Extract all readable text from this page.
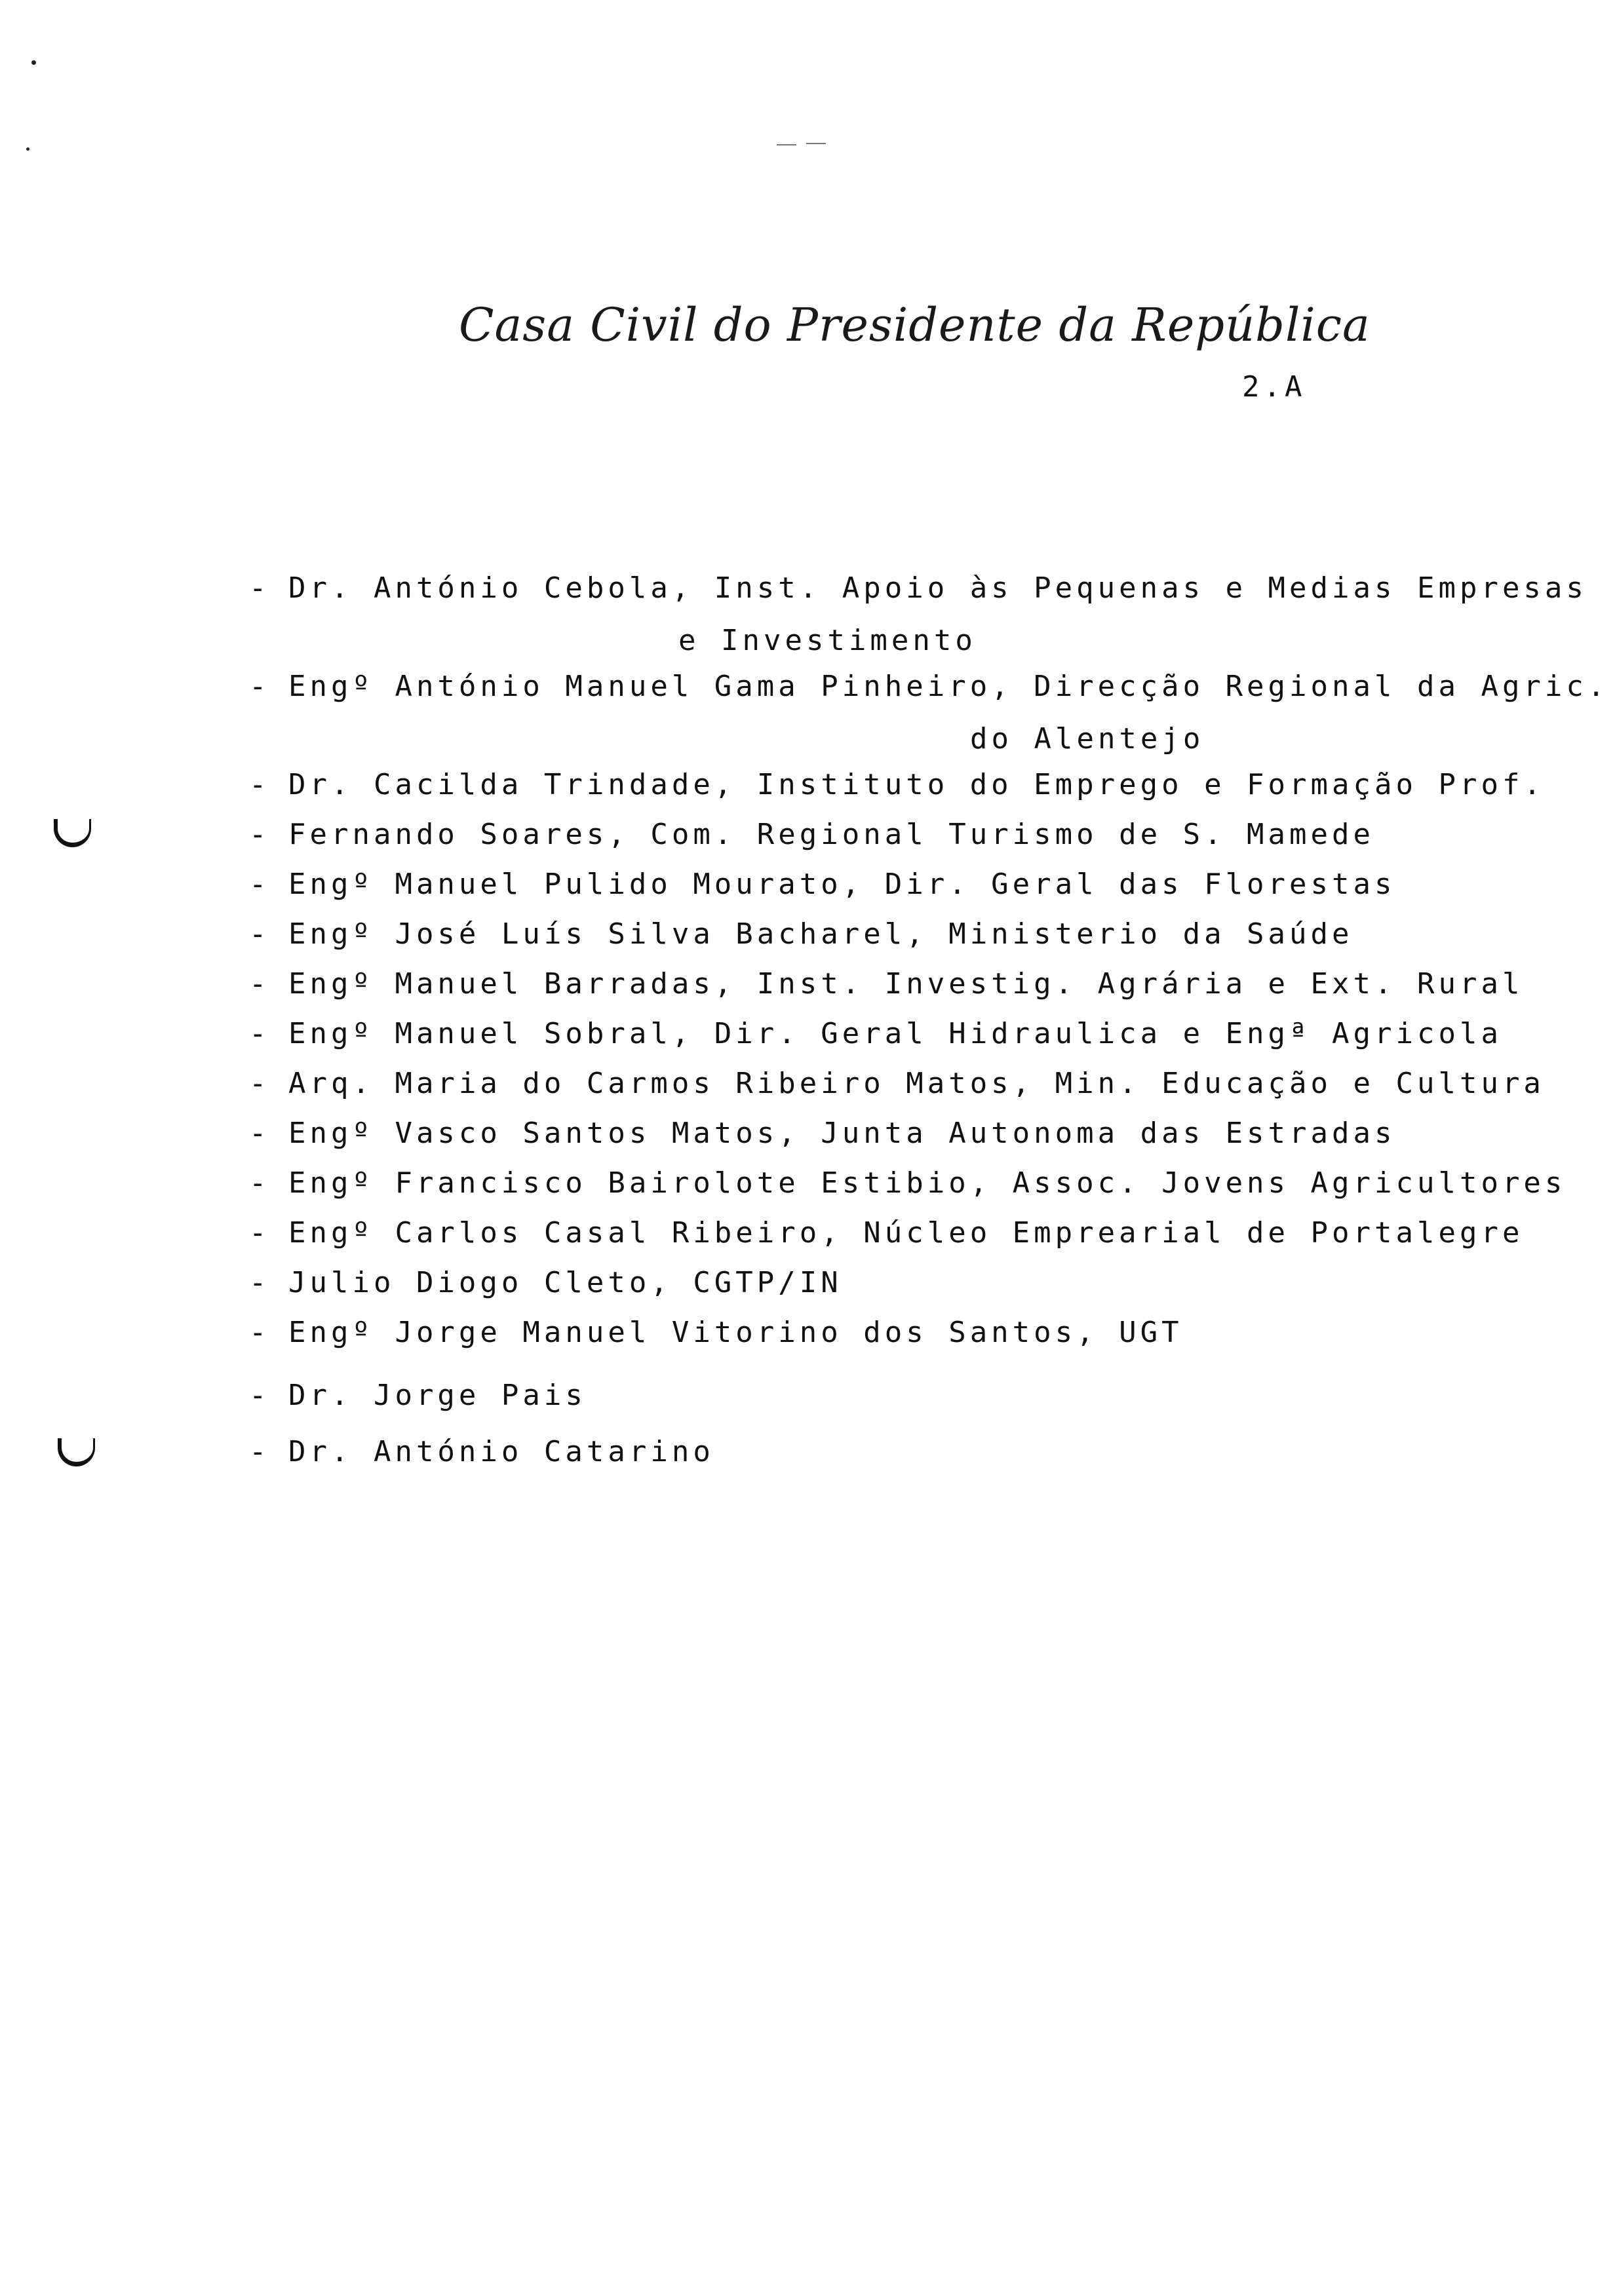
Casa Civil do Presidente da República
2.A
- Dr. António Cebola, Inst. Apoio às Pequenas e Medias Empresas
e Investimento
- Engº António Manuel Gama Pinheiro, Direcção Regional da Agric.
do Alentejo
- Dr. Cacilda Trindade, Instituto do Emprego e Formação Prof.
- Fernando Soares, Com. Regional Turismo de S. Mamede
- Engº Manuel Pulido Mourato, Dir. Geral das Florestas
- Engº José Luís Silva Bacharel, Ministerio da Saúde
- Engº Manuel Barradas, Inst. Investig. Agrária e Ext. Rural
- Engº Manuel Sobral, Dir. Geral Hidraulica e Engª Agricola
- Arq. Maria do Carmos Ribeiro Matos, Min. Educação e Cultura
- Engº Vasco Santos Matos, Junta Autonoma das Estradas
- Engº Francisco Bairolote Estibio, Assoc. Jovens Agricultores
- Engº Carlos Casal Ribeiro, Núcleo Emprearial de Portalegre
- Julio Diogo Cleto, CGTP/IN
- Engº Jorge Manuel Vitorino dos Santos, UGT
- Dr. Jorge Pais
- Dr. António Catarino
